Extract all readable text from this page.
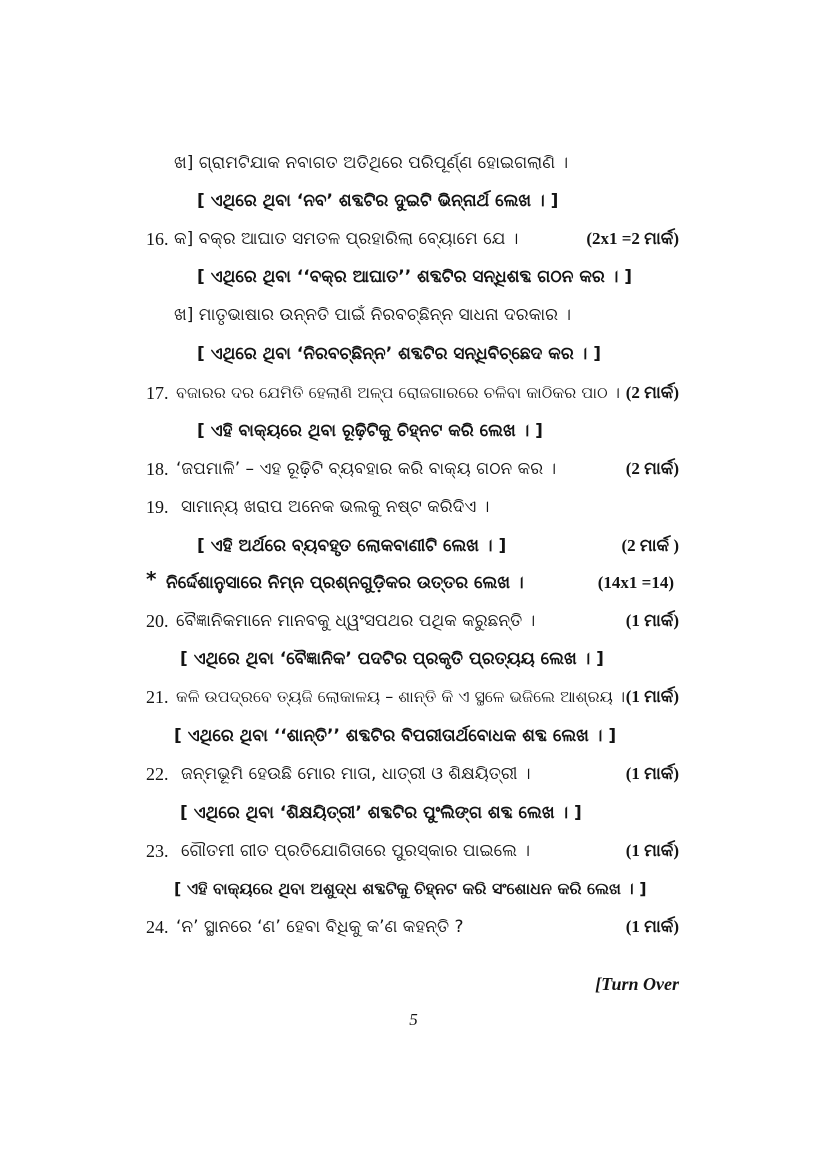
ଖ] ଗ୍ରାମଟିଯାକ ନବାଗତ ଅତିଥିରେ ପରିପୂର୍ଣ୍ଣ ହୋଇଗଲାଣି ।
[ ଏଥିରେ ଥିବା ‘ନବ’ ଶବ୍ଦଟିର ଦୁଇଟି ଭିନ୍ନାର୍ଥ ଲେଖ । ]
16. କ] ବକ୍ର ଆଘାତ ସମତଳ ପ୍ରହାରିଲା ବ୍ୟୋମେ ଯେ ।	(2x1 =2 ମାର୍କ)
[ ଏଥିରେ ଥିବା ‘‘ବକ୍ର ଆଘାତ’’ ଶବ୍ଦଟିର ସନ୍ଧିଶବ୍ଦ ଗଠନ କର । ]
ଖ] ମାତୃଭାଷାର ଉନ୍ନତି ପାଇଁ ନିରବଚ୍ଛିନ୍ନ ସାଧନା ଦରକାର ।
[ ଏଥିରେ ଥିବା ‘ନିରବଚ୍ଛିନ୍ନ’ ଶବ୍ଦଟିର ସନ୍ଧିବିଚ୍ଛେଦ କର । ]
17. ବଜାରର ଦର ଯେମିତି ହେଲାଣି ଅଳ୍ପ ରୋଜଗାରରେ ଚଳିବା କାଠିକର ପାଠ । (2 ମାର୍କ)
[ ଏହି ବାକ୍ୟରେ ଥିବା ରୂଢ଼ିଟିକୁ ଚିହ୍ନଟ କରି ଲେଖ । ]
18. ‘ଜପମାଳି’ – ଏହ ରୂଢ଼ିଟି ବ୍ୟବହାର କରି ବାକ୍ୟ ଗଠନ କର ।	(2 ମାର୍କ)
19. ସାମାନ୍ୟ ଖରାପ ଅନେକ ଭଲକୁ ନଷ୍ଟ କରିଦିଏ ।
[ ଏହି ଅର୍ଥରେ ବ୍ୟବହୃତ ଲୋକବାଣୀଟି ଲେଖ । ]	(2 ମାର୍କ )
* ନିର୍ଦ୍ଦେଶାନୁସାରେ ନିମ୍ନ ପ୍ରଶ୍ନଗୁଡ଼ିକର ଉତ୍ତର ଲେଖ ।	(14x1 =14)
20. ବୈଜ୍ଞାନିକମାନେ ମାନବକୁ ଧ୍ୱଂସପଥର ପଥିକ କରୁଛନ୍ତି ।	(1 ମାର୍କ)
[ ଏଥିରେ ଥିବା ‘ବୈଜ୍ଞାନିକ’ ପଦଟିର ପ୍ରକୃତି ପ୍ରତ୍ୟୟ ଲେଖ । ]
21. କଳି ଉପଦ୍ରବେ ତ୍ୟଜି ଲୋକାଳୟ – ଶାନ୍ତି କି ଏ ସ୍ଥଳେ ଭଜିଲେ ଆଶ୍ରୟ । (1 ମାର୍କ)
[ ଏଥିରେ ଥିବା ‘‘ଶାନ୍ତି’’ ଶବ୍ଦଟିର ବିପରୀତାର୍ଥବୋଧକ ଶବ୍ଦ ଲେଖ । ]
22. ଜନ୍ମଭୂମି ହେଉଛି ମୋର ମାତା, ଧାତ୍ରୀ ଓ ଶିକ୍ଷୟିତ୍ରୀ ।	(1 ମାର୍କ)
[ ଏଥିରେ ଥିବା ‘ଶିକ୍ଷୟିତ୍ରୀ’ ଶବ୍ଦଟିର ପୁଂଲିଙ୍ଗ ଶବ୍ଦ ଲେଖ । ]
23. ଗୌତମୀ ଗୀତ ପ୍ରତିଯୋଗିତାରେ ପୁରସ୍କାର ପାଇଲେ ।	(1 ମାର୍କ)
[ ଏହି ବାକ୍ୟରେ ଥିବା ଅଶୁଦ୍ଧ ଶବ୍ଦଟିକୁ ଚିହ୍ନଟ କରି ସଂଶୋଧନ କରି ଲେଖ । ]
24. ‘ନ’ ସ୍ଥାନରେ ‘ଣ’ ହେବା ବିଧିକୁ କ’ଣ କହନ୍ତି ?	(1 ମାର୍କ)
[Turn Over
5
